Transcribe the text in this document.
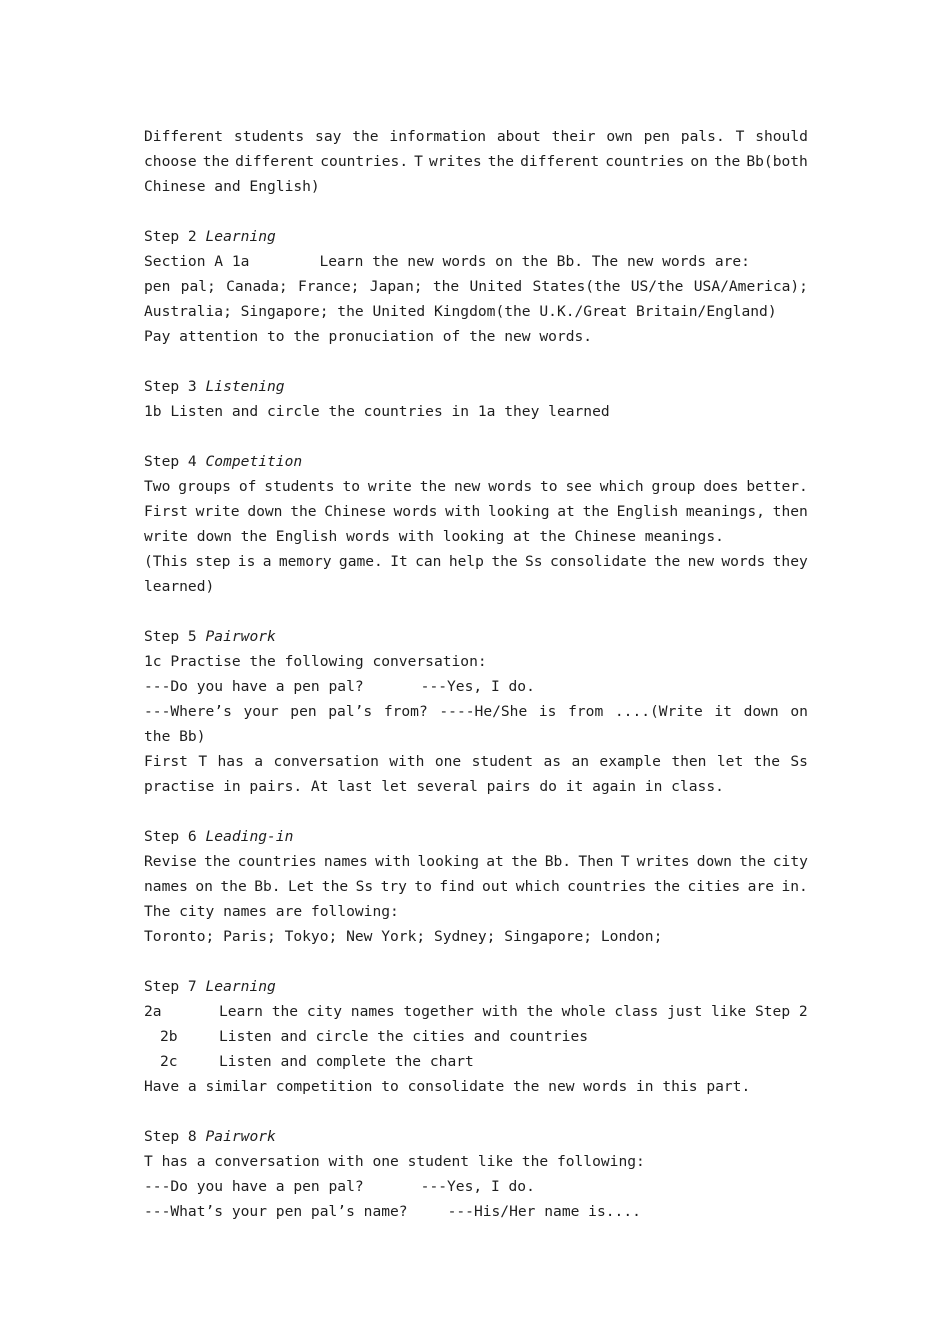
Different students say the information about their own pen pals. T should
choose the different countries. T writes the different countries on the Bb(both
Chinese and English)
Step 2 Learning
Section A 1a	Learn the new words on the Bb. The new words are:
pen pal; Canada; France; Japan; the United States(the US/the USA/America);
Australia; Singapore; the United Kingdom(the U.K./Great Britain/England)
Pay attention to the pronuciation of the new words.
Step 3 Listening
1b Listen and circle the countries in 1a they learned
Step 4 Competition
Two groups of students to write the new words to see which group does better.
First write down the Chinese words with looking at the English meanings, then
write down the English words with looking at the Chinese meanings.
(This step is a memory game. It can help the Ss consolidate the new words they
learned)
Step 5 Pairwork
1c Practise the following conversation:
---Do you have a pen pal?	---Yes, I do.
---Where’s your pen pal’s from? ----He/She is from ....(Write it down on
the Bb)
First T has a conversation with one student as an example then let the Ss
practise in pairs. At last let several pairs do it again in class.
Step 6 Leading-in
Revise the countries names with looking at the Bb. Then T writes down the city
names on the Bb. Let the Ss try to find out which countries the cities are in.
The city names are following:
Toronto; Paris; Tokyo; New York; Sydney; Singapore; London;
Step 7 Learning
2a	Learn the city names together with the whole class just like Step 2
2b	Listen and circle the cities and countries
2c	Listen and complete the chart
Have a similar competition to consolidate the new words in this part.
Step 8 Pairwork
T has a conversation with one student like the following:
---Do you have a pen pal?	---Yes, I do.
---What’s your pen pal’s name?	---His/Her name is....
